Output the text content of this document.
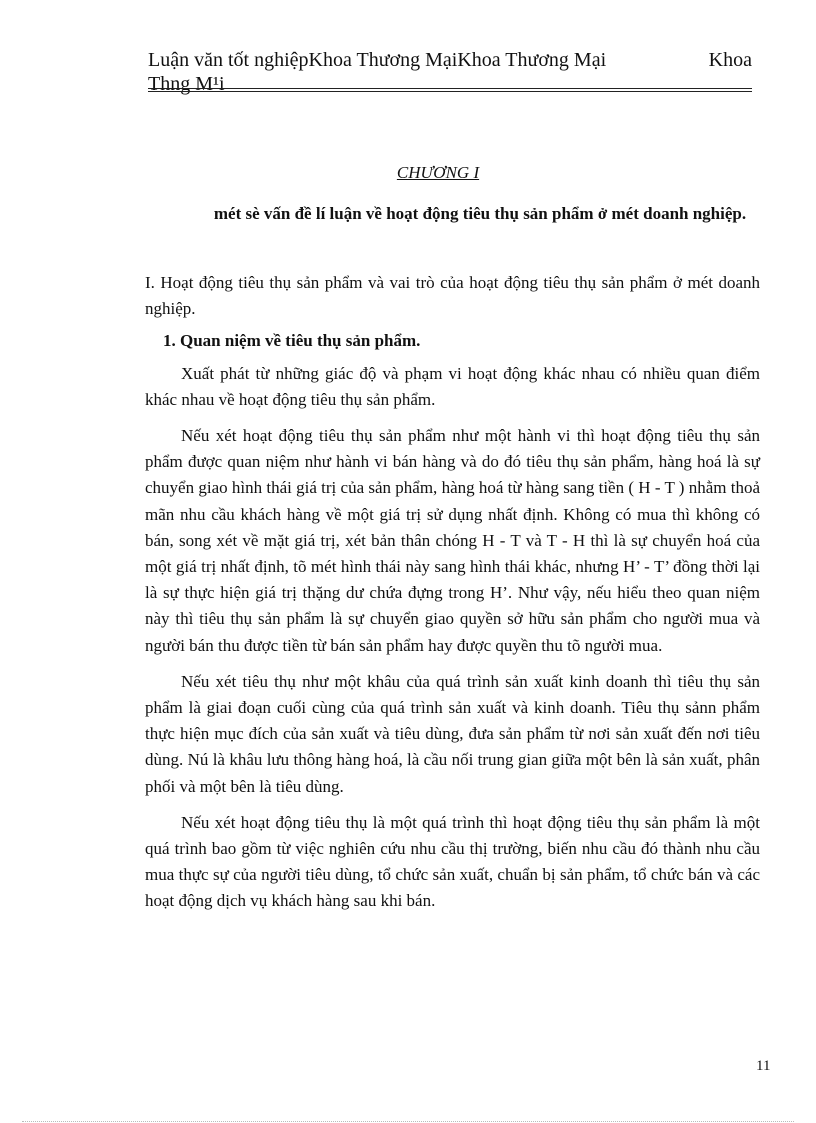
Luận văn tốt nghiệpKhoa Thương MạiKhoa Thương Mại	Khoa
Thng M¹i
CHƯƠNG I
mét sè vấn đề lí luận về hoạt động tiêu thụ sản phẩm ở mét doanh nghiệp.

I. Hoạt động tiêu thụ sản phẩm và vai trò của hoạt động tiêu thụ sản phẩm ở mét doanh nghiệp.

1. Quan niệm về tiêu thụ sản phẩm.

Xuất phát từ những giác độ và phạm vi hoạt động khác nhau có nhiều quan điểm khác nhau về hoạt động tiêu thụ sản phẩm.

Nếu xét hoạt động tiêu thụ sản phẩm như một hành vi thì hoạt động tiêu thụ sản phẩm được quan niệm như hành vi bán hàng và do đó tiêu thụ sản phẩm, hàng hoá là sự chuyển giao hình thái giá trị của sản phẩm, hàng hoá từ hàng sang tiền ( H - T ) nhằm thoả mãn nhu cầu khách hàng về một giá trị sử dụng nhất định. Không có mua thì không có bán, song xét về mặt giá trị, xét bản thân chóng H - T và T - H thì là sự chuyển hoá của một giá trị nhất định, tõ mét hình thái này sang hình thái khác, nhưng H’ - T’ đồng thời lại là sự thực hiện giá trị thặng dư chứa đựng trong H’. Như vậy, nếu hiểu theo quan niệm này thì tiêu thụ sản phẩm là sự chuyển giao quyền sở hữu sản phẩm cho người mua và người bán thu được tiền từ bán sản phẩm hay được quyền thu tõ người mua.

Nếu xét tiêu thụ như một khâu của quá trình sản xuất kinh doanh thì tiêu thụ sản phẩm là giai đoạn cuối cùng của quá trình sản xuất và kinh doanh. Tiêu thụ sảnn phẩm thực hiện mục đích của sản xuất và tiêu dùng, đưa sản phẩm từ nơi sản xuất đến nơi tiêu dùng. Nú là khâu lưu thông hàng hoá, là cầu nối trung gian giữa một bên là sản xuất, phân phối và một bên là tiêu dùng.

Nếu xét hoạt động tiêu thụ là một quá trình thì hoạt động tiêu thụ sản phẩm là một quá trình bao gồm từ việc nghiên cứu nhu cầu thị trường, biến nhu cầu đó thành nhu cầu mua thực sự của người tiêu dùng, tổ chức sản xuất, chuẩn bị sản phẩm, tổ chức bán và các hoạt động dịch vụ khách hàng sau khi bán.

11
